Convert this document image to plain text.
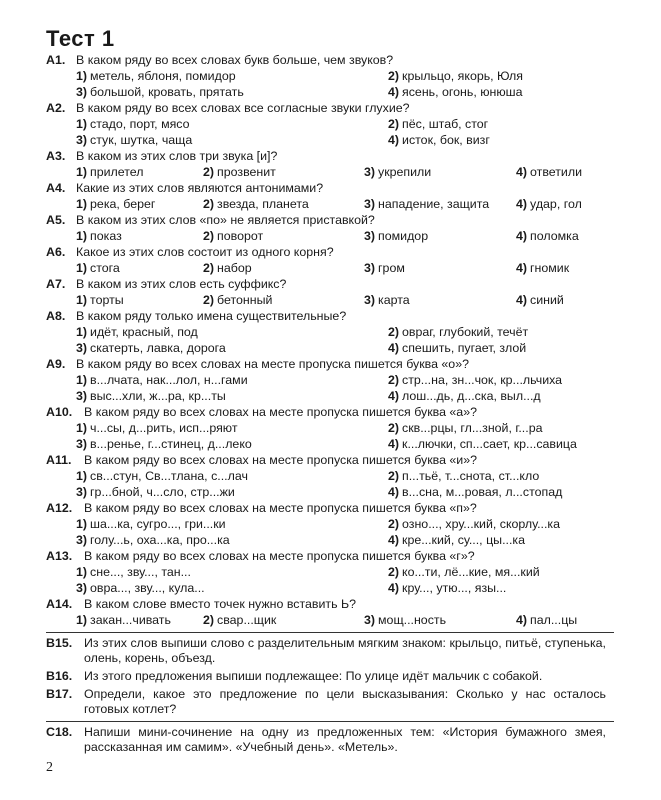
Тест 1
А1. В каком ряду во всех словах букв больше, чем звуков?
1) метель, яблоня, помидор	2) крыльцо, якорь, Юля
3) большой, кровать, прятать	4) ясень, огонь, юнюша
А2. В каком ряду во всех словах все согласные звуки глухие?
1) стадо, порт, мясо	2) пёс, штаб, стог
3) стук, шутка, чаща	4) исток, бок, визг
А3. В каком из этих слов три звука [и]?
1) прилетел	2) прозвенит	3) укрепили	4) ответили
А4. Какие из этих слов являются антонимами?
1) река, берег	2) звезда, планета	3) нападение, защита 4) удар, гол
А5. В каком из этих слов «по» не является приставкой?
1) показ	2) поворот	3) помидор	4) поломка
А6. Какое из этих слов состоит из одного корня?
1) стога	2) набор	3) гром	4) гномик
А7. В каком из этих слов есть суффикс?
1) торты	2) бетонный	3) карта	4) синий
А8. В каком ряду только имена существительные?
1) идёт, красный, под	2) овраг, глубокий, течёт
3) скатерть, лавка, дорога	4) спешить, пугает, злой
А9. В каком ряду во всех словах на месте пропуска пишется буква «о»?
1) в...лчата, нак...лол, н...гами	2) стр...на, зн...чок, кр...льчиха
3) выс...хли, ж...ра, кр...ты	4) лош...дь, д...ска, выл...д
А10. В каком ряду во всех словах на месте пропуска пишется буква «а»?
1) ч...сы, д...рить, исп...ряют	2) скв...рцы, гл...зной, г...ра
3) в...ренье, г...стинец, д...леко	4) к...лючки, сп...сает, кр...савица
А11. В каком ряду во всех словах на месте пропуска пишется буква «и»?
1) св...стун, Св...тлана, с...лач	2) п...тьё, т...снота, ст...кло
3) гр...бной, ч...сло, стр...жи	4) в...сна, м...ровая, л...стопад
А12. В каком ряду во всех словах на месте пропуска пишется буква «п»?
1) ша...ка, сугро..., гри...ки	2) озно..., хру...кий, скорлу...ка
3) голу...ь, оха...ка, про...ка	4) кре...кий, су..., цы...ка
А13. В каком ряду во всех словах на месте пропуска пишется буква «г»?
1) сне..., зву..., тан...	2) ко...ти, лё...кие, мя...кий
3) овра..., зву..., кула...	4) кру..., утю..., язы...
А14. В каком слове вместо точек нужно вставить Ь?
1) закан...чивать	2) свар...щик	3) мощ...ность	4) пал...цы
В15. Из этих слов выпиши слово с разделительным мягким знаком: крыльцо, питьё, ступенька, олень, корень, объезд.
В16. Из этого предложения выпиши подлежащее: По улице идёт мальчик с собакой.
В17. Определи, какое это предложение по цели высказывания: Сколько у нас осталось готовых котлет?
С18. Напиши мини-сочинение на одну из предложенных тем: «История бумажного змея, рассказанная им самим». «Учебный день». «Метель».
2
